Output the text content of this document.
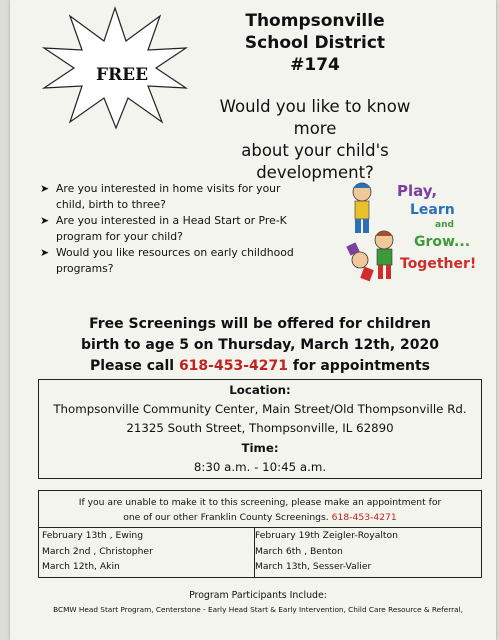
FREE
Thompsonville
School District #174
Would you like to know more
about your child's
development?
➤ Are you interested in home visits for your
child, birth to three?
➤ Are you interested in a Head Start or Pre-K
program for your child?
➤ Would you like resources on early childhood
programs?
Play,
Learn
and
Grow...
Together!
Free Screenings will be offered for children
birth to age 5 on Thursday, March 12th, 2020
Please call 618-453-4271 for appointments
Location:
Thompsonville Community Center, Main Street/Old Thompsonville Rd.
21325 South Street, Thompsonville, IL 62890
Time:
8:30 a.m. - 10:45 a.m.
If you are unable to make it to this screening, please make an appointment for
one of our other Franklin County Screenings. 618-453-4271
February 13th , Ewing
March 2nd , Christopher
March 12th, Akin
February 19th Zeigler-Royalton
March 6th , Benton
March 13th, Sesser-Valier
Program Participants Include:
BCMW Head Start Program, Centerstone - Early Head Start & Early Intervention, Child Care Resource & Referral,
